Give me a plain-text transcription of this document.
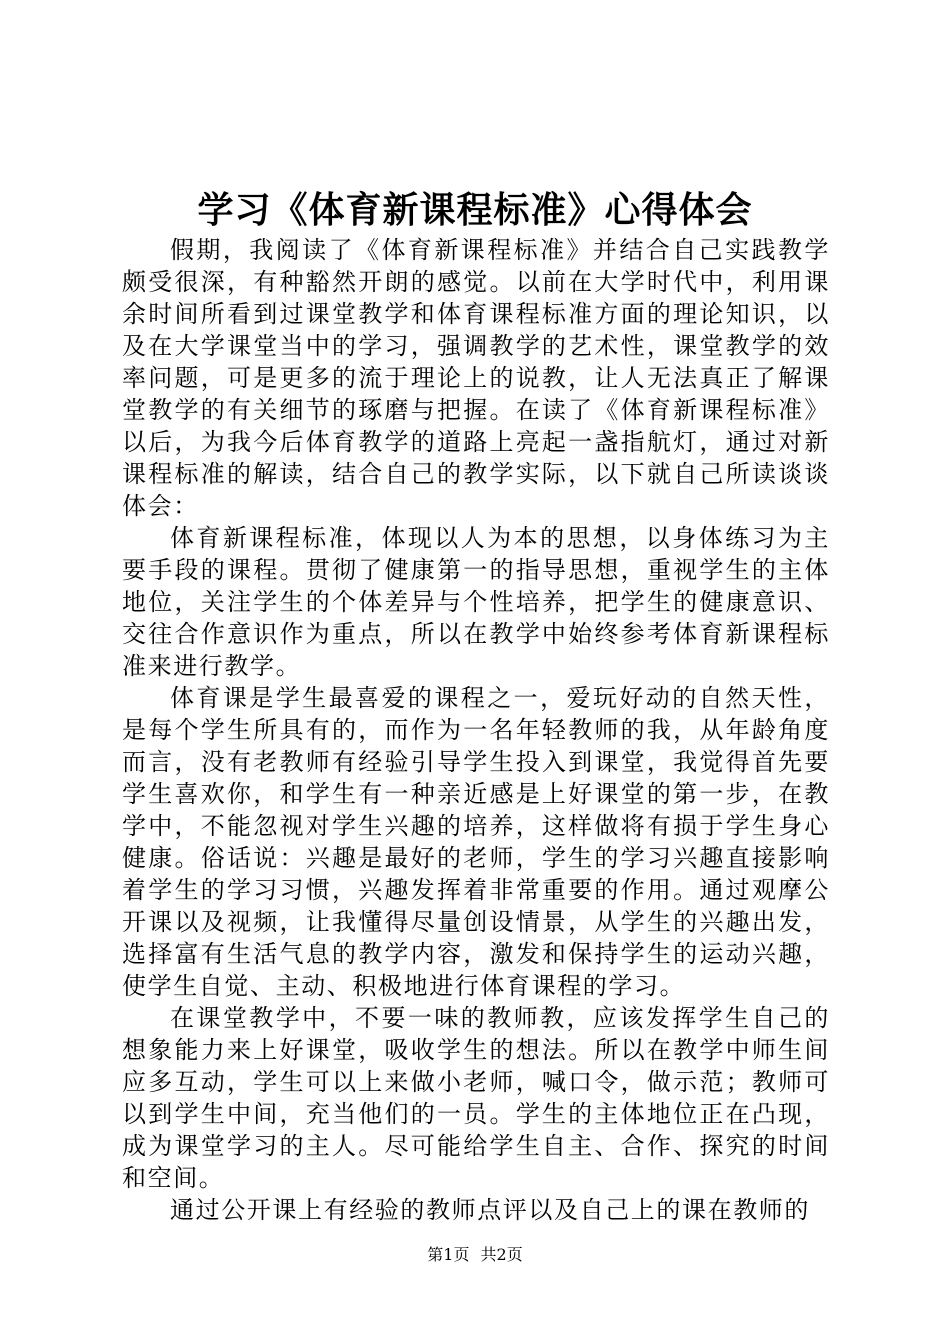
学习《体育新课程标准》心得体会

假期，我阅读了《体育新课程标准》并结合自己实践教学颇受很深，有种豁然开朗的感觉。以前在大学时代中，利用课余时间所看到过课堂教学和体育课程标准方面的理论知识，以及在大学课堂当中的学习，强调教学的艺术性，课堂教学的效率问题，可是更多的流于理论上的说教，让人无法真正了解课堂教学的有关细节的琢磨与把握。在读了《体育新课程标准》以后，为我今后体育教学的道路上亮起一盏指航灯，通过对新课程标准的解读，结合自己的教学实际，以下就自己所读谈谈体会：

体育新课程标准，体现以人为本的思想，以身体练习为主要手段的课程。贯彻了健康第一的指导思想，重视学生的主体地位，关注学生的个体差异与个性培养，把学生的健康意识、交往合作意识作为重点，所以在教学中始终参考体育新课程标准来进行教学。

体育课是学生最喜爱的课程之一，爱玩好动的自然天性，是每个学生所具有的，而作为一名年轻教师的我，从年龄角度而言，没有老教师有经验引导学生投入到课堂，我觉得首先要学生喜欢你，和学生有一种亲近感是上好课堂的第一步，在教学中，不能忽视对学生兴趣的培养，这样做将有损于学生身心健康。俗话说：兴趣是最好的老师，学生的学习兴趣直接影响着学生的学习习惯，兴趣发挥着非常重要的作用。通过观摩公开课以及视频，让我懂得尽量创设情景，从学生的兴趣出发，选择富有生活气息的教学内容，激发和保持学生的运动兴趣，使学生自觉、主动、积极地进行体育课程的学习。

在课堂教学中，不要一味的教师教，应该发挥学生自己的想象能力来上好课堂，吸收学生的想法。所以在教学中师生间应多互动，学生可以上来做小老师，喊口令，做示范；教师可以到学生中间，充当他们的一员。学生的主体地位正在凸现，成为课堂学习的主人。尽可能给学生自主、合作、探究的时间和空间。

通过公开课上有经验的教师点评以及自己上的课在教师的

第1页 共2页
